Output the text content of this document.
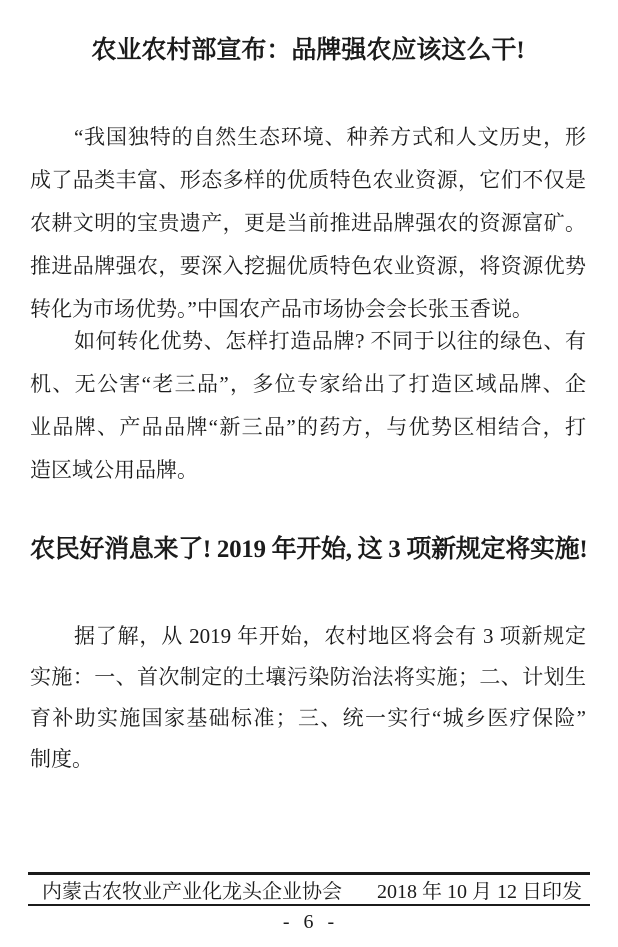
农业农村部宣布：品牌强农应该这么干!
“我国独特的自然生态环境、种养方式和人文历史，形
成了品类丰富、形态多样的优质特色农业资源，它们不仅是
农耕文明的宝贵遗产，更是当前推进品牌强农的资源富矿。
推进品牌强农，要深入挖掘优质特色农业资源，将资源优势
转化为市场优势。”中国农产品市场协会会长张玉香说。
如何转化优势、怎样打造品牌? 不同于以往的绿色、有
机、无公害“老三品”，多位专家给出了打造区域品牌、企
业品牌、产品品牌“新三品”的药方，与优势区相结合，打
造区域公用品牌。
农民好消息来了! 2019 年开始, 这 3 项新规定将实施!
据了解，从 2019 年开始，农村地区将会有 3 项新规定
实施：一、首次制定的土壤污染防治法将实施；二、计划生
育补助实施国家基础标准；三、统一实行“城乡医疗保险”
制度。
内蒙古农牧业产业化龙头企业协会 2018 年 10 月 12 日印发
- 6 -
